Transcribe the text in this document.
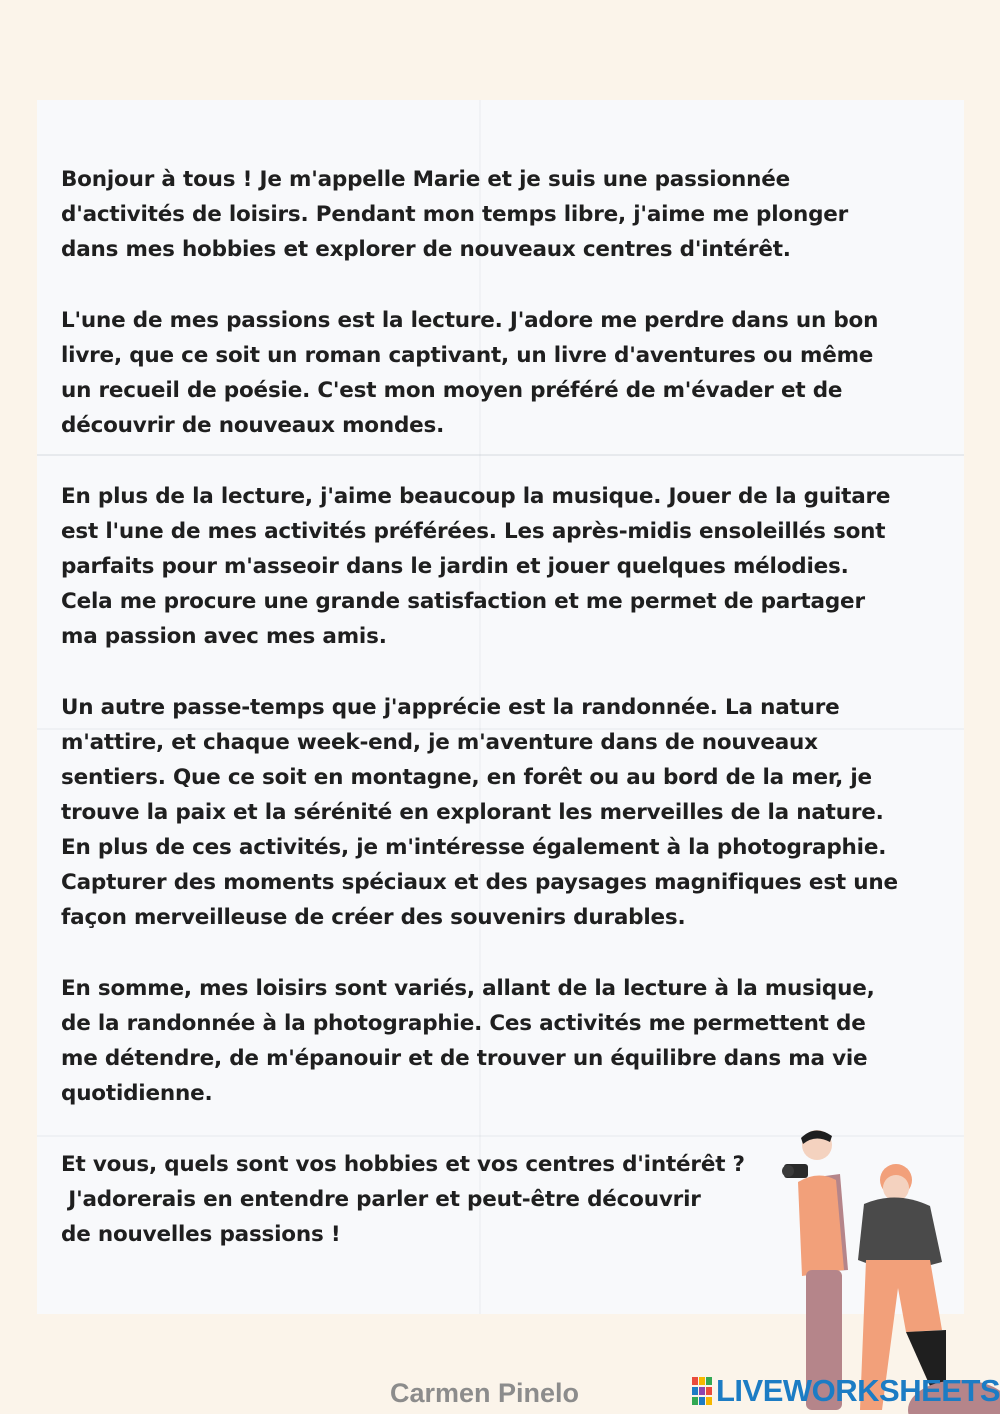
Bonjour à tous ! Je m'appelle Marie et je suis une passionnée
d'activités de loisirs. Pendant mon temps libre, j'aime me plonger
dans mes hobbies et explorer de nouveaux centres d'intérêt.

L'une de mes passions est la lecture. J'adore me perdre dans un bon
livre, que ce soit un roman captivant, un livre d'aventures ou même
un recueil de poésie. C'est mon moyen préféré de m'évader et de
découvrir de nouveaux mondes.

En plus de la lecture, j'aime beaucoup la musique. Jouer de la guitare
est l'une de mes activités préférées. Les après-midis ensoleillés sont
parfaits pour m'asseoir dans le jardin et jouer quelques mélodies.
Cela me procure une grande satisfaction et me permet de partager
ma passion avec mes amis.

Un autre passe-temps que j'apprécie est la randonnée. La nature
m'attire, et chaque week-end, je m'aventure dans de nouveaux
sentiers. Que ce soit en montagne, en forêt ou au bord de la mer, je
trouve la paix et la sérénité en explorant les merveilles de la nature.
En plus de ces activités, je m'intéresse également à la photographie.
Capturer des moments spéciaux et des paysages magnifiques est une
façon merveilleuse de créer des souvenirs durables.

En somme, mes loisirs sont variés, allant de la lecture à la musique,
de la randonnée à la photographie. Ces activités me permettent de
me détendre, de m'épanouir et de trouver un équilibre dans ma vie
quotidienne.

Et vous, quels sont vos hobbies et vos centres d'intérêt ?
J'adorerais en entendre parler et peut-être découvrir
de nouvelles passions !

Carmen Pinelo	LIVEWORKSHEETS
